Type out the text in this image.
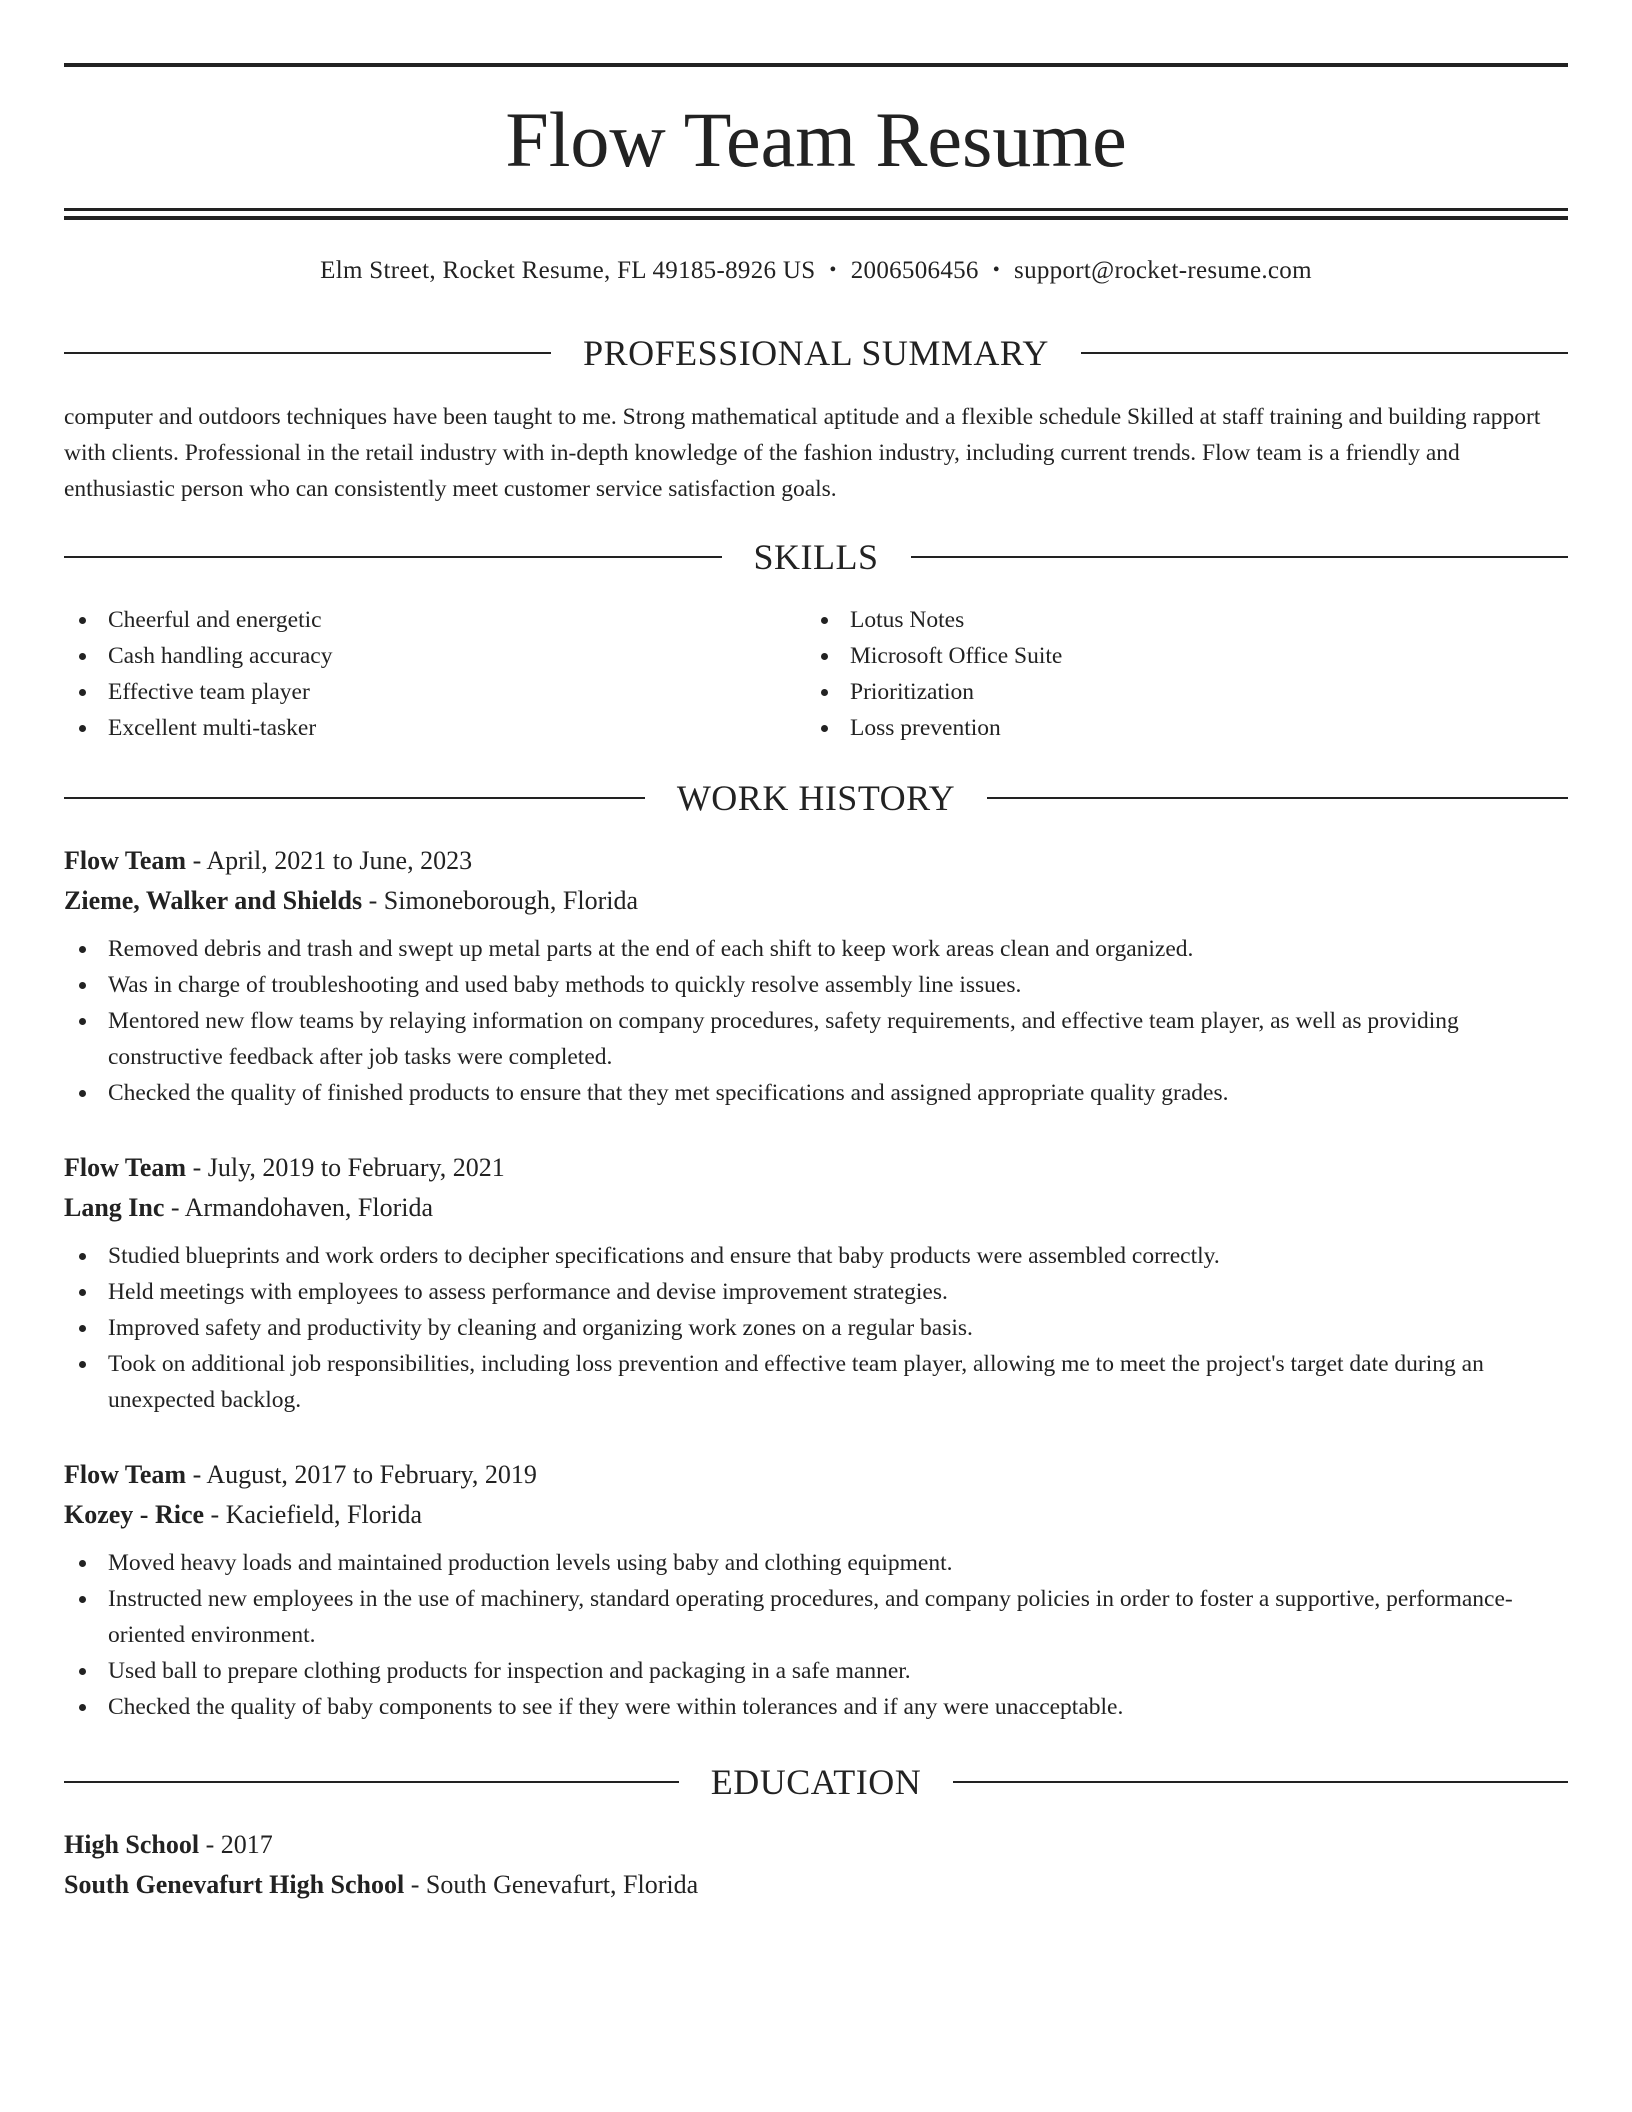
Flow Team Resume
Elm Street, Rocket Resume, FL 49185-8926 US • 2006506456 • support@rocket-resume.com
PROFESSIONAL SUMMARY

computer and outdoors techniques have been taught to me. Strong mathematical aptitude and a flexible schedule Skilled at staff training and building rapport with clients. Professional in the retail industry with in-depth knowledge of the fashion industry, including current trends. Flow team is a friendly and enthusiastic person who can consistently meet customer service satisfaction goals.

SKILLS
Cheerful and energetic
Cash handling accuracy
Effective team player
Excellent multi-tasker
Lotus Notes
Microsoft Office Suite
Prioritization
Loss prevention
WORK HISTORY
Flow Team - April, 2021 to June, 2023
Zieme, Walker and Shields - Simoneborough, Florida
Removed debris and trash and swept up metal parts at the end of each shift to keep work areas clean and organized.
Was in charge of troubleshooting and used baby methods to quickly resolve assembly line issues.
Mentored new flow teams by relaying information on company procedures, safety requirements, and effective team player, as well as providing constructive feedback after job tasks were completed.
Checked the quality of finished products to ensure that they met specifications and assigned appropriate quality grades.
Flow Team - July, 2019 to February, 2021
Lang Inc - Armandohaven, Florida
Studied blueprints and work orders to decipher specifications and ensure that baby products were assembled correctly.
Held meetings with employees to assess performance and devise improvement strategies.
Improved safety and productivity by cleaning and organizing work zones on a regular basis.
Took on additional job responsibilities, including loss prevention and effective team player, allowing me to meet the project's target date during an unexpected backlog.
Flow Team - August, 2017 to February, 2019
Kozey - Rice - Kaciefield, Florida
Moved heavy loads and maintained production levels using baby and clothing equipment.
Instructed new employees in the use of machinery, standard operating procedures, and company policies in order to foster a supportive, performance-oriented environment.
Used ball to prepare clothing products for inspection and packaging in a safe manner.
Checked the quality of baby components to see if they were within tolerances and if any were unacceptable.
EDUCATION
High School - 2017
South Genevafurt High School - South Genevafurt, Florida
